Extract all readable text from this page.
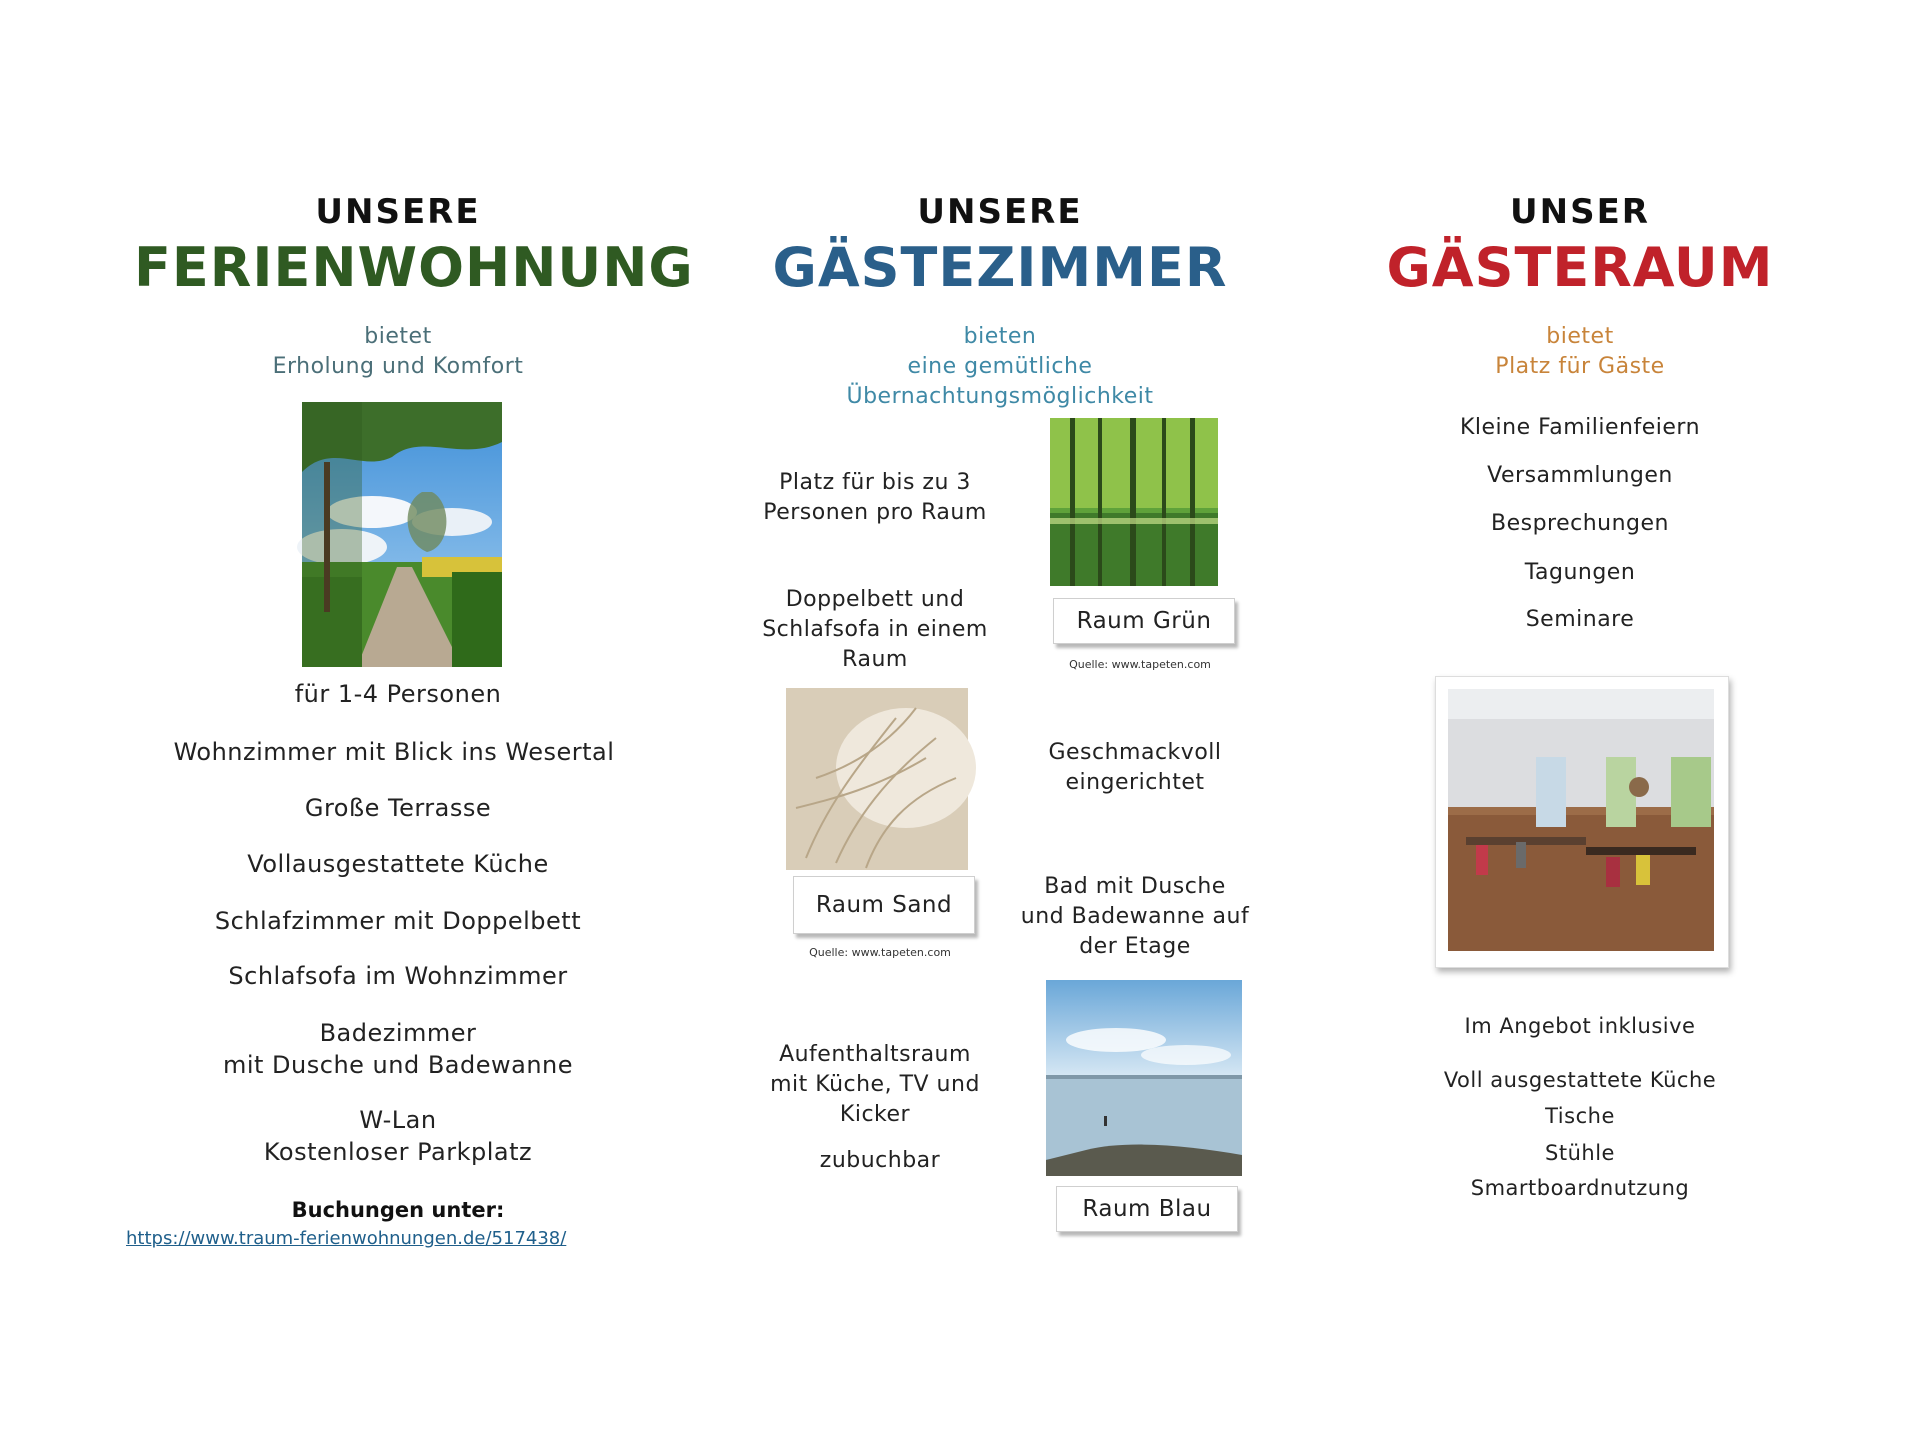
UNSERE
FERIENWOHNUNG
bietet
Erholung und Komfort
für 1-4 Personen
Wohnzimmer mit Blick ins Wesertal
Große Terrasse
Vollausgestattete Küche
Schlafzimmer mit Doppelbett
Schlafsofa im Wohnzimmer
Badezimmer
mit Dusche und Badewanne
W-Lan
Kostenloser Parkplatz
Buchungen unter:
https://www.traum-ferienwohnungen.de/517438/
UNSERE
GÄSTEZIMMER
bieten
eine gemütliche
Übernachtungsmöglichkeit
Platz für bis zu 3
Personen pro Raum
Doppelbett und
Schlafsofa in einem
Raum
Raum Grün
Quelle: www.tapeten.com
Geschmackvoll
eingerichtet
Raum Sand
Quelle: www.tapeten.com
Bad mit Dusche
und Badewanne auf
der Etage
Aufenthaltsraum
mit Küche, TV und
Kicker
zubuchbar
Raum Blau
UNSER
GÄSTERAUM
bietet
Platz für Gäste
Kleine Familienfeiern
Versammlungen
Besprechungen
Tagungen
Seminare
Im Angebot inklusive
Voll ausgestattete Küche
Tische
Stühle
Smartboardnutzung
